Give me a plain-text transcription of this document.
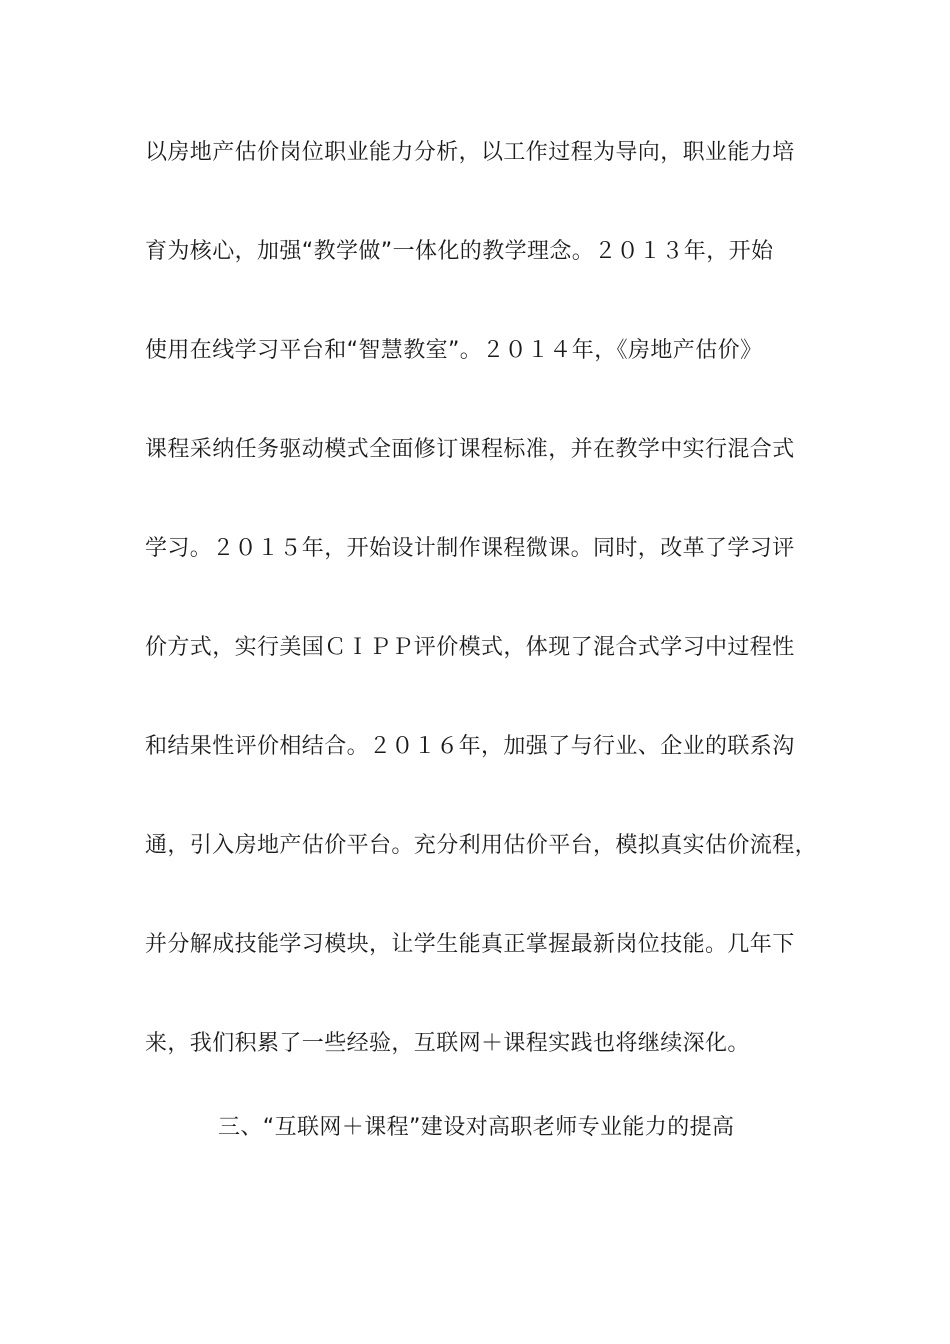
以房地产估价岗位职业能力分析，以工作过程为导向，职业能力培
育为核心，加强“教学做”一体化的教学理念。２０１３年，开始
使用在线学习平台和“智慧教室”。２０１４年，《房地产估价》
课程采纳任务驱动模式全面修订课程标准，并在教学中实行混合式
学习。２０１５年，开始设计制作课程微课。同时，改革了学习评
价方式，实行美国ＣＩＰＰ评价模式，体现了混合式学习中过程性
和结果性评价相结合。２０１６年，加强了与行业、企业的联系沟
通，引入房地产估价平台。充分利用估价平台，模拟真实估价流程，
并分解成技能学习模块，让学生能真正掌握最新岗位技能。几年下
来，我们积累了一些经验，互联网＋课程实践也将继续深化。
三、“互联网＋课程”建设对高职老师专业能力的提高
